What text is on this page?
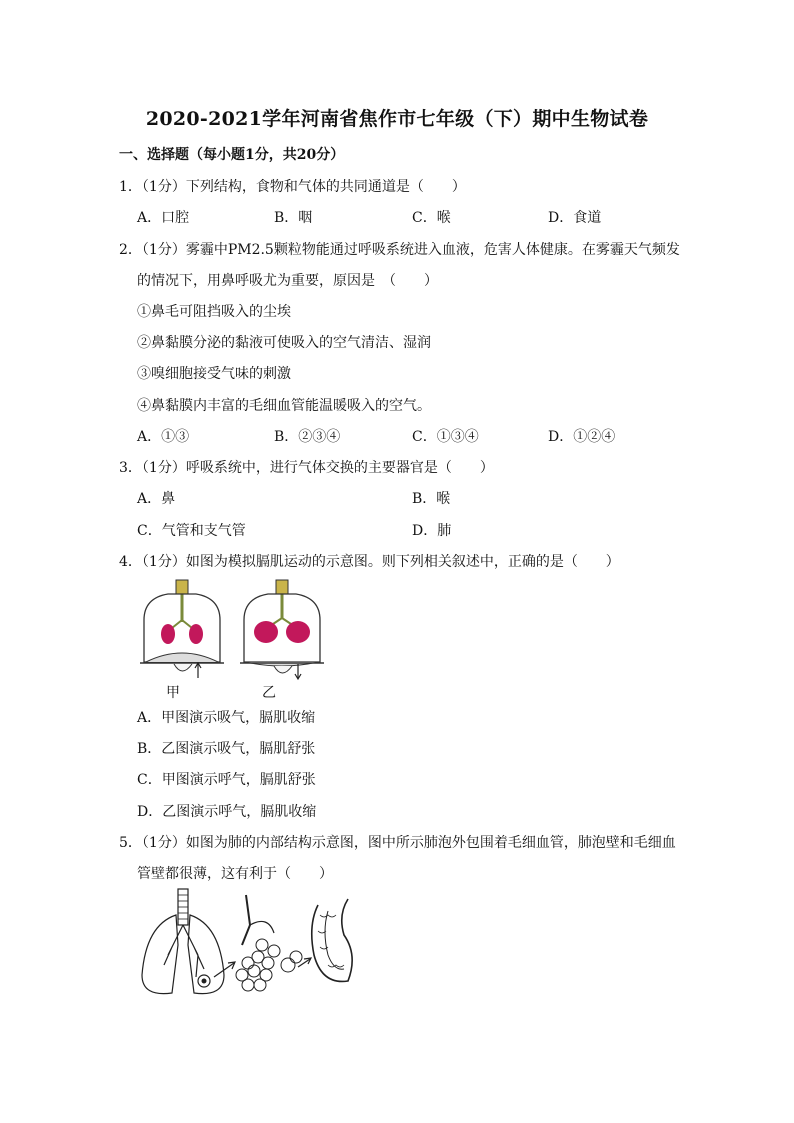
2020-2021学年河南省焦作市七年级（下）期中生物试卷
一、选择题（每小题1分，共20分）
1．（1分）下列结构，食物和气体的共同通道是（　　）
A．口腔	B．咽	C．喉	D．食道
2．（1分）雾霾中PM2.5颗粒物能通过呼吸系统进入血液，危害人体健康。在雾霾天气频发
的情况下，用鼻呼吸尤为重要，原因是　（　　）
①鼻毛可阻挡吸入的尘埃
②鼻黏膜分泌的黏液可使吸入的空气清洁、湿润
③嗅细胞接受气味的刺激
④鼻黏膜内丰富的毛细血管能温暖吸入的空气。
A．①③	B．②③④	C．①③④	D．①②④
3．（1分）呼吸系统中，进行气体交换的主要器官是（　　）
A．鼻	B．喉
C．气管和支气管	D．肺
4．（1分）如图为模拟膈肌运动的示意图。则下列相关叙述中，正确的是（　　）
甲	乙
A．甲图演示吸气，膈肌收缩
B．乙图演示吸气，膈肌舒张
C．甲图演示呼气，膈肌舒张
D．乙图演示呼气，膈肌收缩
5．（1分）如图为肺的内部结构示意图，图中所示肺泡外包围着毛细血管，肺泡壁和毛细血
管壁都很薄，这有利于（　　）
